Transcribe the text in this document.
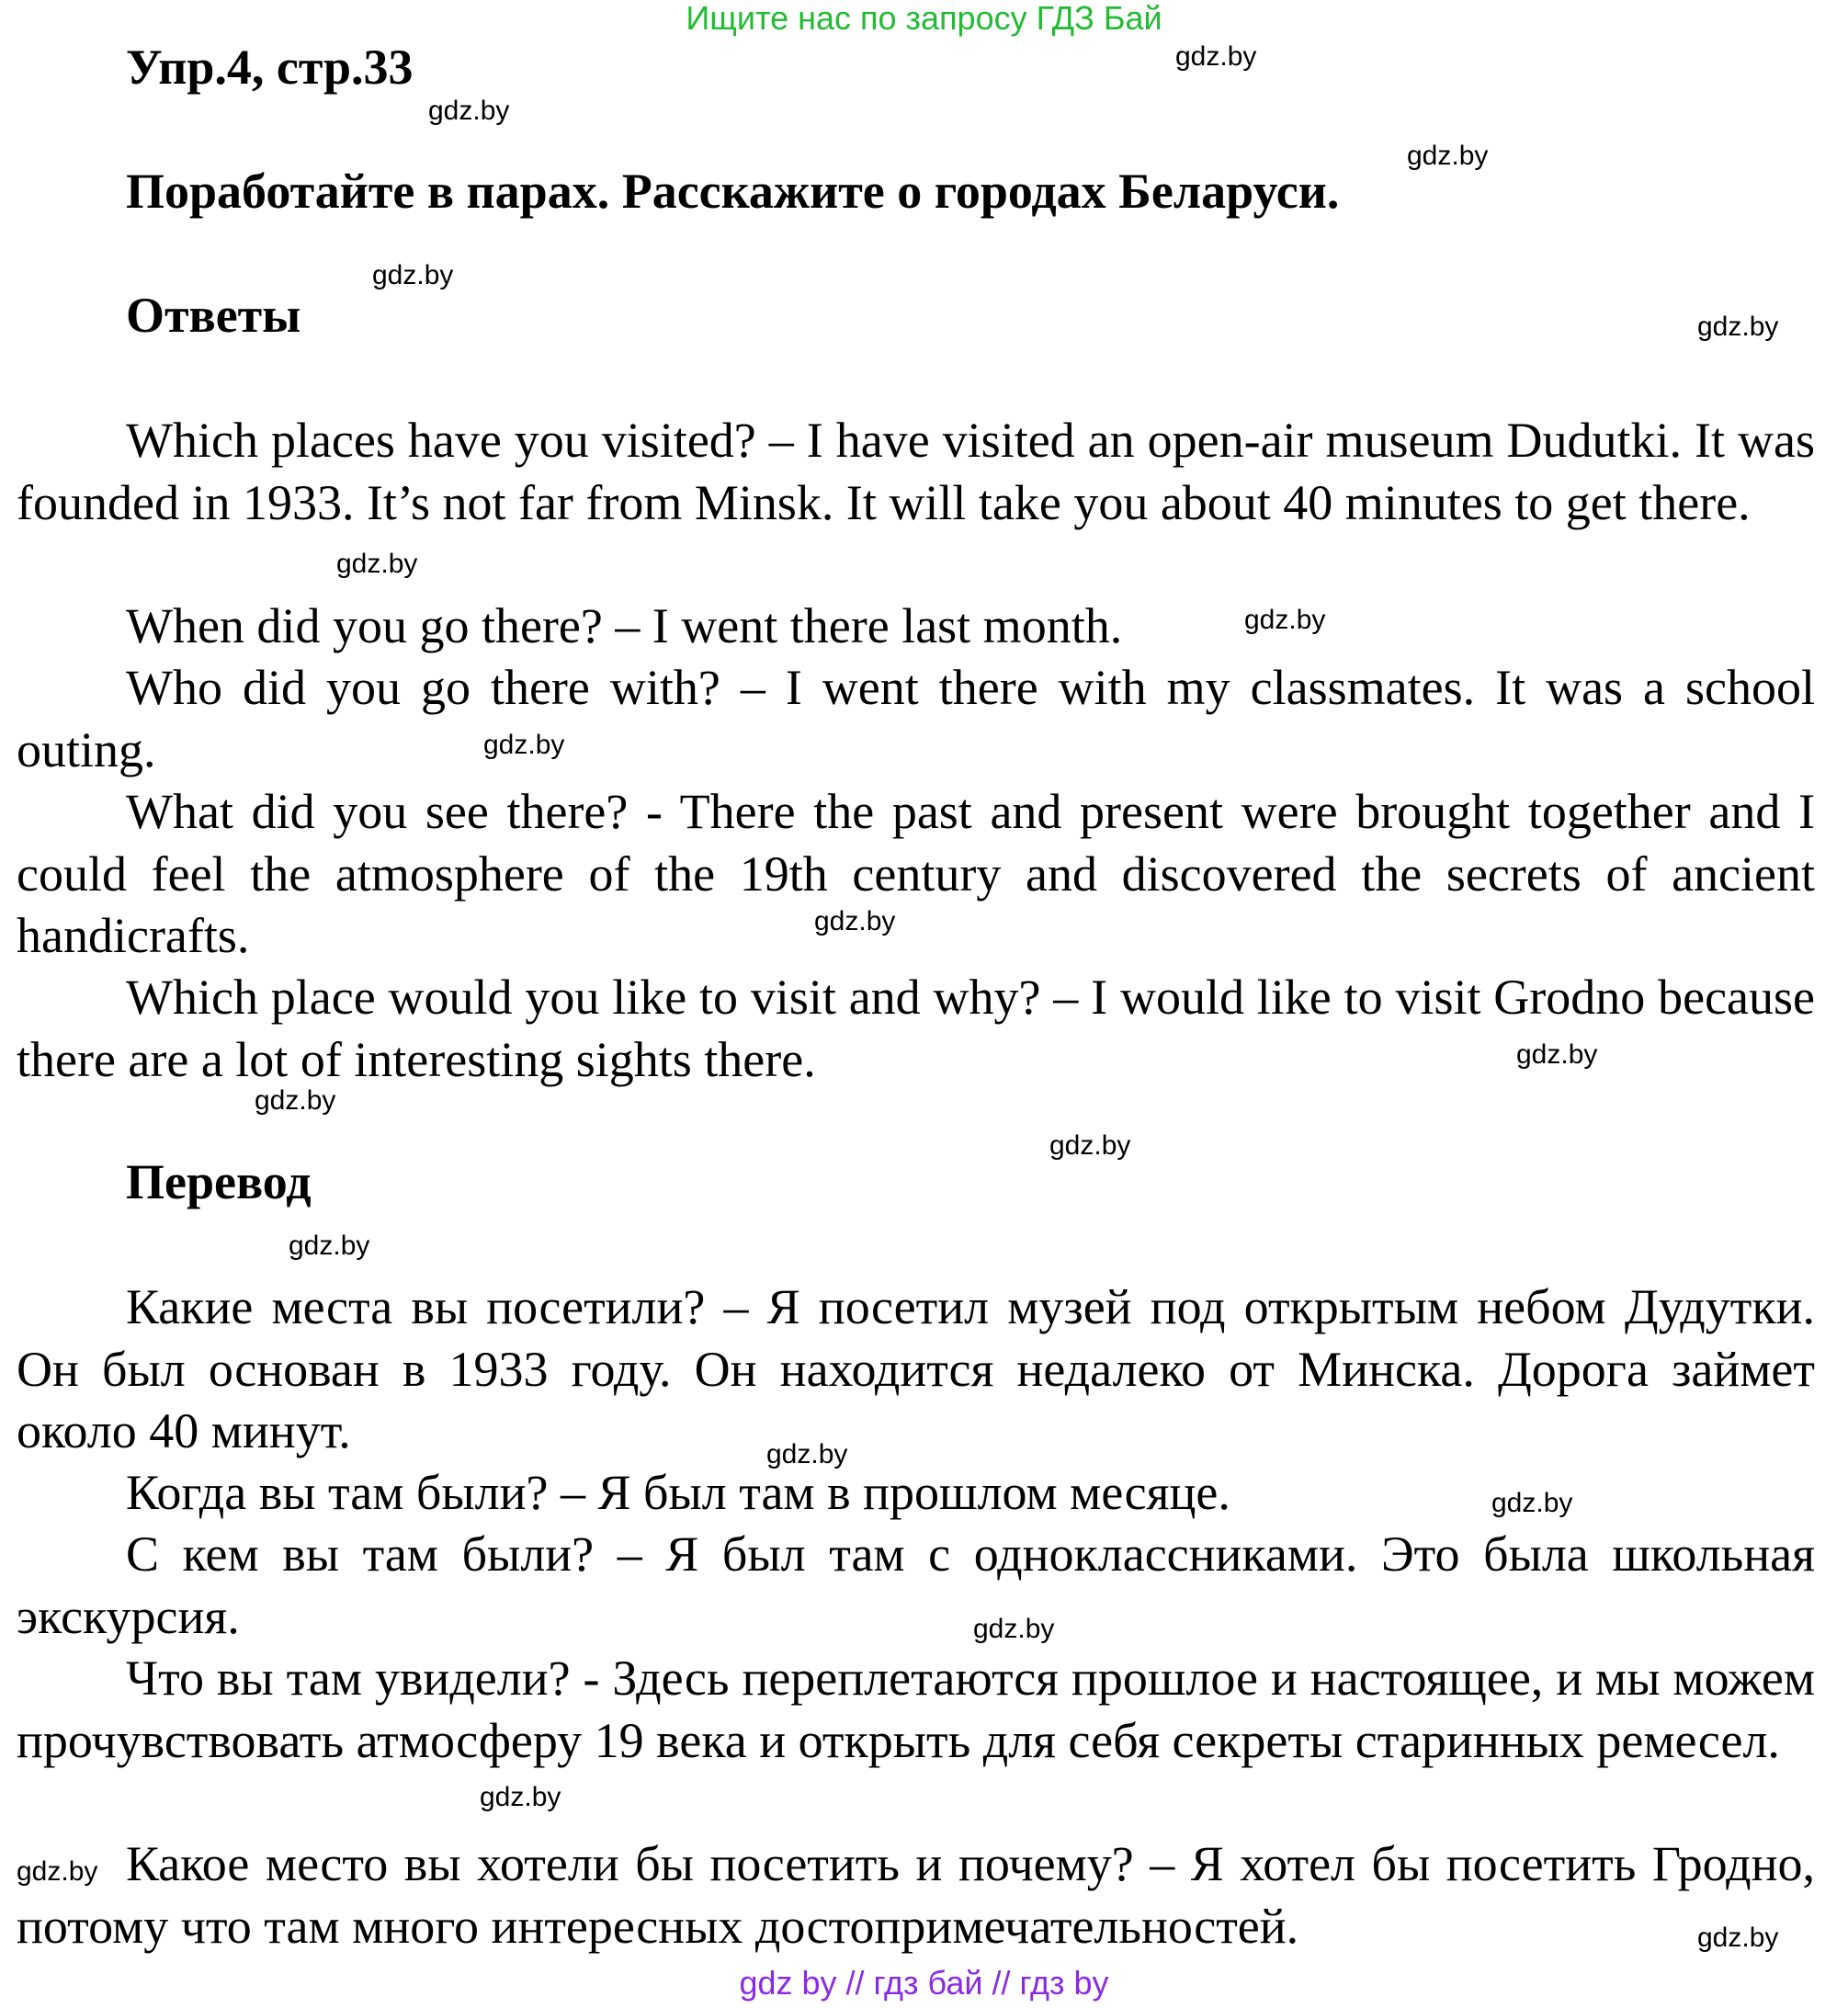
Ищите нас по запросу ГДЗ Бай
Упр.4, стр.33
Поработайте в парах. Расскажите о городах Беларуси.
Ответы

Which places have you visited? – I have visited an open-air museum Dudutki. It was founded in 1933. It’s not far from Minsk. It will take you about 40 minutes to get there.

When did you go there? – I went there last month.

Who did you go there with? – I went there with my classmates. It was a school outing.

What did you see there? - There the past and present were brought together and I could feel the atmosphere of the 19th century and discovered the secrets of ancient handicrafts.

Which place would you like to visit and why? – I would like to visit Grodno because there are a lot of interesting sights there.

Перевод

Какие места вы посетили? – Я посетил музей под открытым небом Дудутки. Он был основан в 1933 году. Он находится недалеко от Минска. Дорога займет около 40 минут.

Когда вы там были? – Я был там в прошлом месяце.

С кем вы там были? – Я был там с одноклассниками. Это была школьная экскурсия.

Что вы там увидели? - Здесь переплетаются прошлое и настоящее, и мы можем прочувствовать атмосферу 19 века и открыть для себя секреты старинных ремесел.

Какое место вы хотели бы посетить и почему? – Я хотел бы посетить Гродно, потому что там много интересных достопримечательностей.

gdz.by
gdz.by
gdz.by
gdz.by
gdz.by
gdz.by
gdz.by
gdz.by
gdz.by
gdz.by
gdz.by
gdz.by
gdz.by
gdz.by
gdz.by
gdz.by
gdz.by
gdz.by
gdz.by
gdz by // гдз бай // гдз by
